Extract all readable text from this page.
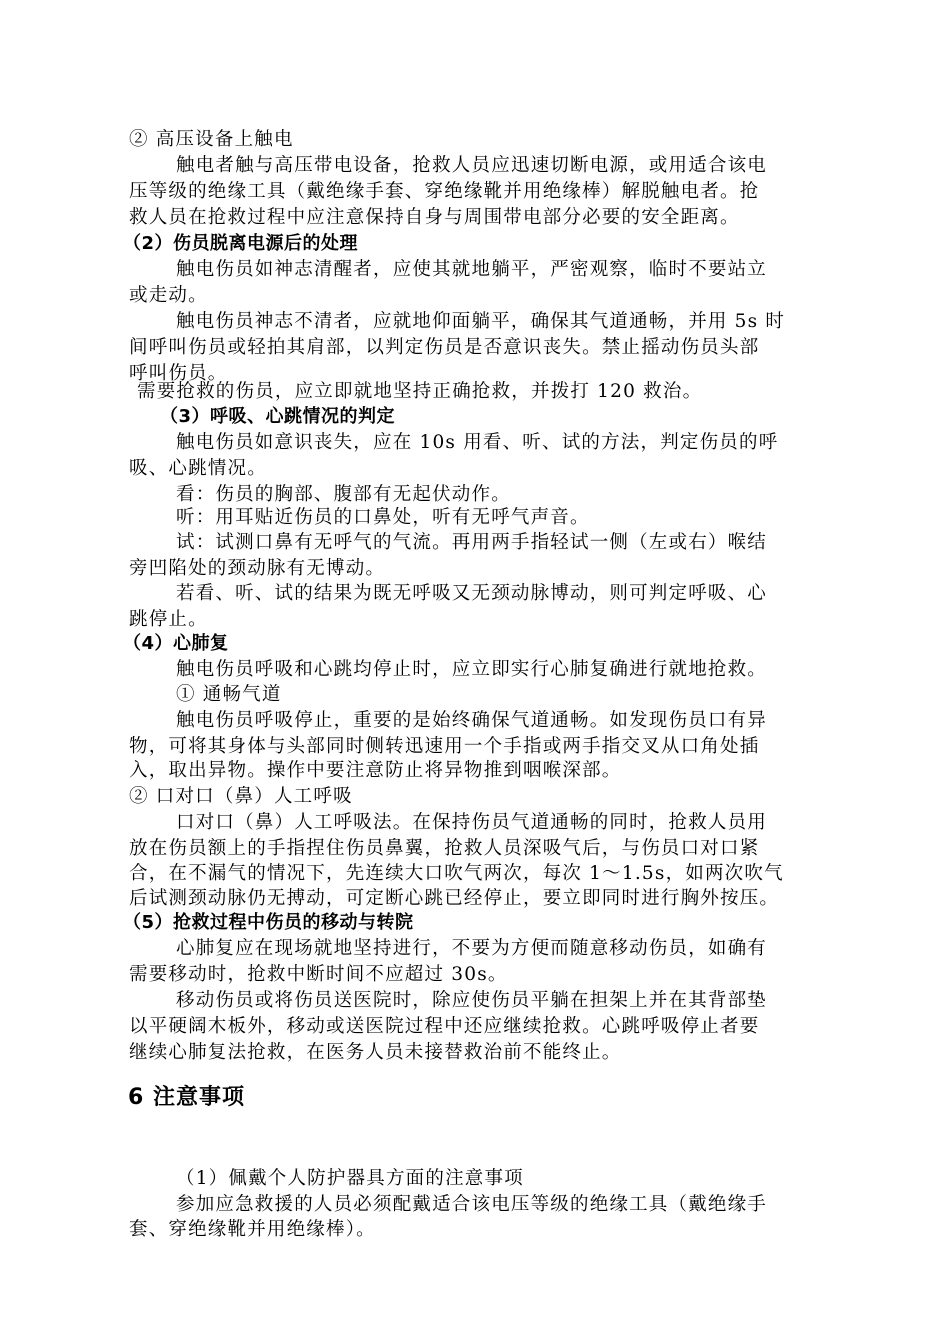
② 高压设备上触电
触电者触与高压带电设备，抢救人员应迅速切断电源，或用适合该电
压等级的绝缘工具（戴绝缘手套、穿绝缘靴并用绝缘棒）解脱触电者。抢
救人员在抢救过程中应注意保持自身与周围带电部分必要的安全距离。
（2）伤员脱离电源后的处理
触电伤员如神志清醒者，应使其就地躺平，严密观察，临时不要站立
或走动。
触电伤员神志不清者，应就地仰面躺平，确保其气道通畅，并用 5s 时
间呼叫伤员或轻拍其肩部，以判定伤员是否意识丧失。禁止摇动伤员头部
呼叫伤员。
需要抢救的伤员，应立即就地坚持正确抢救，并拨打 120 救治。
（3）呼吸、心跳情况的判定
触电伤员如意识丧失，应在 10s 用看、听、试的方法，判定伤员的呼
吸、心跳情况。
看：伤员的胸部、腹部有无起伏动作。
听：用耳贴近伤员的口鼻处，听有无呼气声音。
试：试测口鼻有无呼气的气流。再用两手指轻试一侧（左或右）喉结
旁凹陷处的颈动脉有无博动。
若看、听、试的结果为既无呼吸又无颈动脉博动，则可判定呼吸、心
跳停止。
（4）心肺复
触电伤员呼吸和心跳均停止时，应立即实行心肺复确进行就地抢救。
① 通畅气道
触电伤员呼吸停止，重要的是始终确保气道通畅。如发现伤员口有异
物，可将其身体与头部同时侧转迅速用一个手指或两手指交叉从口角处插
入，取出异物。操作中要注意防止将异物推到咽喉深部。
② 口对口（鼻）人工呼吸
口对口（鼻）人工呼吸法。在保持伤员气道通畅的同时，抢救人员用
放在伤员额上的手指捏住伤员鼻翼，抢救人员深吸气后，与伤员口对口紧
合，在不漏气的情况下，先连续大口吹气两次，每次 1～1.5s，如两次吹气
后试测颈动脉仍无搏动，可定断心跳已经停止，要立即同时进行胸外按压。
（5）抢救过程中伤员的移动与转院
心肺复应在现场就地坚持进行，不要为方便而随意移动伤员，如确有
需要移动时，抢救中断时间不应超过 30s。
移动伤员或将伤员送医院时，除应使伤员平躺在担架上并在其背部垫
以平硬阔木板外，移动或送医院过程中还应继续抢救。心跳呼吸停止者要
继续心肺复法抢救，在医务人员未接替救治前不能终止。
6 注意事项
（1）佩戴个人防护器具方面的注意事项
参加应急救援的人员必须配戴适合该电压等级的绝缘工具（戴绝缘手
套、穿绝缘靴并用绝缘棒）。
